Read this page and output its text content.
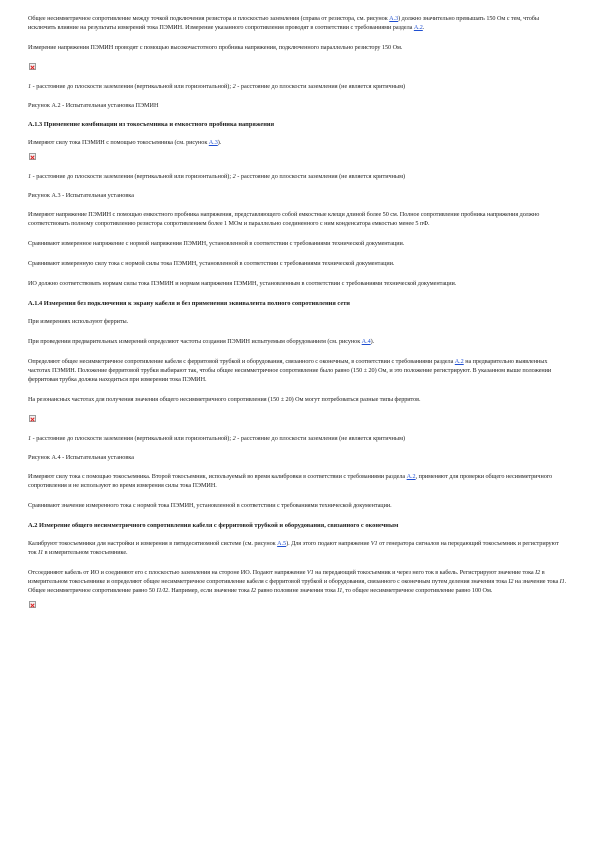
Общее несимметричное сопротивление между точкой подключения резистора и плоскостью заземления (справа от резистора, см. рисунок А.3) должно значительно превышать 150 Ом с тем, чтобы исключить влияние на результаты измерений тока ПЭМИН. Измерение указанного сопротивления проводят в соответствии с требованиями раздела А.2.

Измерение напряжения ПЭМИН проводят с помощью высокочастотного пробника напряжения, подключенного параллельно резистору 150 Ом.

1 - расстояние до плоскости заземления (вертикальной или горизонтальной); 2 - расстояние до плоскости заземления (не является критичным)

Рисунок А.2 - Испытательная установка ПЭМИН

А.1.3 Применение комбинации из токосъемника и емкостного пробника напряжения

Измеряют силу тока ПЭМИН с помощью токосъемника (см. рисунок А.3).

1 - расстояние до плоскости заземления (вертикальной или горизонтальной); 2 - расстояние до плоскости заземления (не является критичным)

Рисунок А.3 - Испытательная установка

Измеряют напряжение ПЭМИН с помощью емкостного пробника напряжения, представляющего собой емкостные клещи длиной более 50 см. Полное сопротивление пробника напряжения должно соответствовать полному сопротивлению резистора сопротивлением более 1 МОм и параллельно соединенного с ним конденсатора емкостью менее 5 пФ.

Сравнивают измеренное напряжение с нормой напряжения ПЭМИН, установленной в соответствии с требованиями технической документации.

Сравнивают измеренную силу тока с нормой силы тока ПЭМИН, установленной в соответствии с требованиями технической документации.

ИО должно соответствовать нормам силы тока ПЭМИН и нормам напряжения ПЭМИН, установленным в соответствии с требованиями технической документации.

А.1.4 Измерения без подключения к экрану кабеля и без применения эквивалента полного сопротивления сети

При измерениях используют ферриты.

При проведении предварительных измерений определяют частоты создания ПЭМИН испытуемым оборудованием (см. рисунок А.4).

Определяют общее несимметричное сопротивление кабеля с ферритовой трубкой и оборудования, связанного с оконечным, в соответствии с требованиями раздела А.2 на предварительно выявленных частотах ПЭМИН. Положение ферритовой трубки выбирают так, чтобы общее несимметричное сопротивление было равно (150 ± 20) Ом, и это положение регистрируют. В указанном выше положении ферритовая трубка должна находиться при измерении тока ПЭМИН.

На резонансных частотах для получения значения общего несимметричного сопротивления (150 ± 20) Ом могут потребоваться разные типы ферритов.

1 - расстояние до плоскости заземления (вертикальной или горизонтальной); 2 - расстояние до плоскости заземления (не является критичным)

Рисунок А.4 - Испытательная установка

Измеряют силу тока с помощью токосъемника. Второй токосъемник, используемый во время калибровки в соответствии с требованиями раздела А.2, применяют для проверки общего несимметричного сопротивления и не используют во время измерения силы тока ПЭМИН.

Сравнивают значение измеренного тока с нормой тока ПЭМИН, установленной в соответствии с требованиями технической документации.

А.2 Измерение общего несимметричного сопротивления кабеля с ферритовой трубкой и оборудования, связанного с оконечным

Калибруют токосъемники для настройки и измерения в пятидесятиомной системе (см. рисунок А.5). Для этого подают напряжение V1 от генератора сигналов на передающий токосъемник и регистрируют ток I1 в измерительном токосъемнике.

Отсоединяют кабель от ИО и соединяют его с плоскостью заземления на стороне ИО. Подают напряжение V1 на передающий токосъемник и через него ток в кабель. Регистрируют значение тока I2 в измерительном токосъемнике и определяют общее несимметричное сопротивление кабеля с ферритовой трубкой и оборудования, связанного с оконечным путем деления значения тока I2 на значение тока I1. Общее несимметричное сопротивление равно 50 I1/I2. Например, если значение тока I2 равно половине значения тока I1, то общее несимметричное сопротивление равно 100 Ом.
